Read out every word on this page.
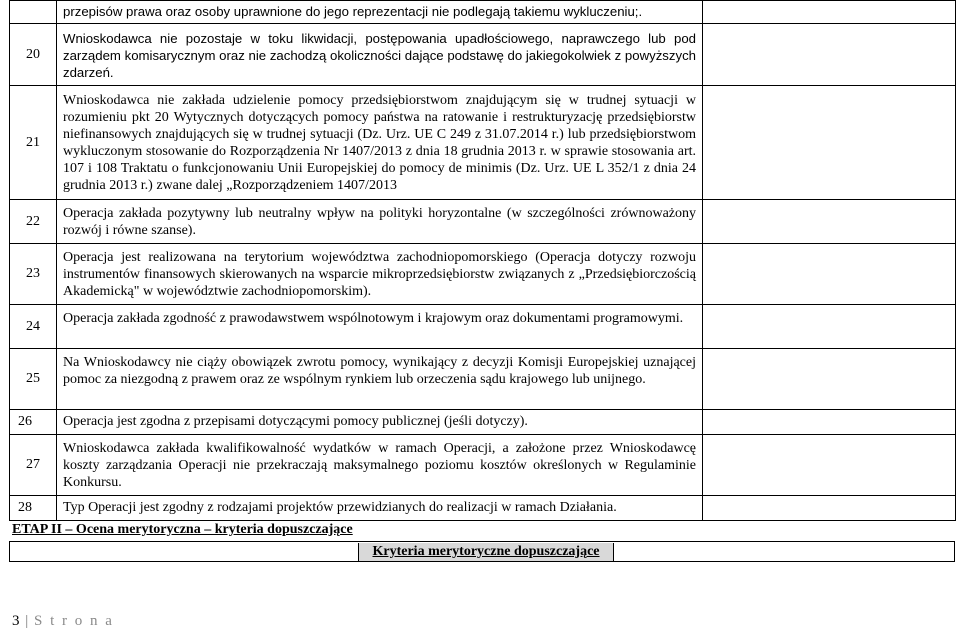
	przepisów prawa oraz osoby uprawnione do jego reprezentacji nie podlegają takiemu wykluczeniu;.	
20	Wnioskodawca nie pozostaje w toku likwidacji, postępowania upadłościowego, naprawczego lub pod zarządem komisarycznym oraz nie zachodzą okoliczności dające podstawę do jakiegokolwiek z powyższych zdarzeń.	
21	Wnioskodawca nie zakłada udzielenie pomocy przedsiębiorstwom znajdującym się w trudnej sytuacji w rozumieniu pkt 20 Wytycznych dotyczących pomocy państwa na ratowanie i restrukturyzację przedsiębiorstw niefinansowych znajdujących się w trudnej sytuacji (Dz. Urz. UE C 249 z 31.07.2014 r.) lub przedsiębiorstwom wykluczonym stosowanie do Rozporządzenia Nr 1407/2013 z dnia 18 grudnia 2013 r. w sprawie stosowania art. 107 i 108 Traktatu o funkcjonowaniu Unii Europejskiej do pomocy de minimis (Dz. Urz. UE L 352/1 z dnia 24 grudnia 2013 r.) zwane dalej „Rozporządzeniem 1407/2013	
22	Operacja zakłada pozytywny lub neutralny wpływ na polityki horyzontalne (w szczególności zrównoważony rozwój i równe szanse).	
23	Operacja jest realizowana na terytorium województwa zachodniopomorskiego (Operacja dotyczy rozwoju instrumentów finansowych skierowanych na wsparcie mikroprzedsiębiorstw związanych z „Przedsiębiorczością Akademicką" w województwie zachodniopomorskim).	
24	Operacja zakłada zgodność z prawodawstwem wspólnotowym i krajowym oraz dokumentami programowymi.	
25	Na Wnioskodawcy nie ciąży obowiązek zwrotu pomocy, wynikający z decyzji Komisji Europejskiej uznającej pomoc za niezgodną z prawem oraz ze wspólnym rynkiem lub orzeczenia sądu krajowego lub unijnego.	
26	Operacja jest zgodna z przepisami dotyczącymi pomocy publicznej (jeśli dotyczy).	
27	Wnioskodawca zakłada kwalifikowalność wydatków w ramach Operacji, a założone przez Wnioskodawcę koszty zarządzania Operacji nie przekraczają maksymalnego poziomu kosztów określonych w Regulaminie Konkursu.	
28	Typ Operacji jest zgodny z rodzajami projektów przewidzianych do realizacji w ramach Działania.	
ETAP II – Ocena merytoryczna – kryteria dopuszczające
Kryteria merytoryczne dopuszczające
3 | S t r o n a
